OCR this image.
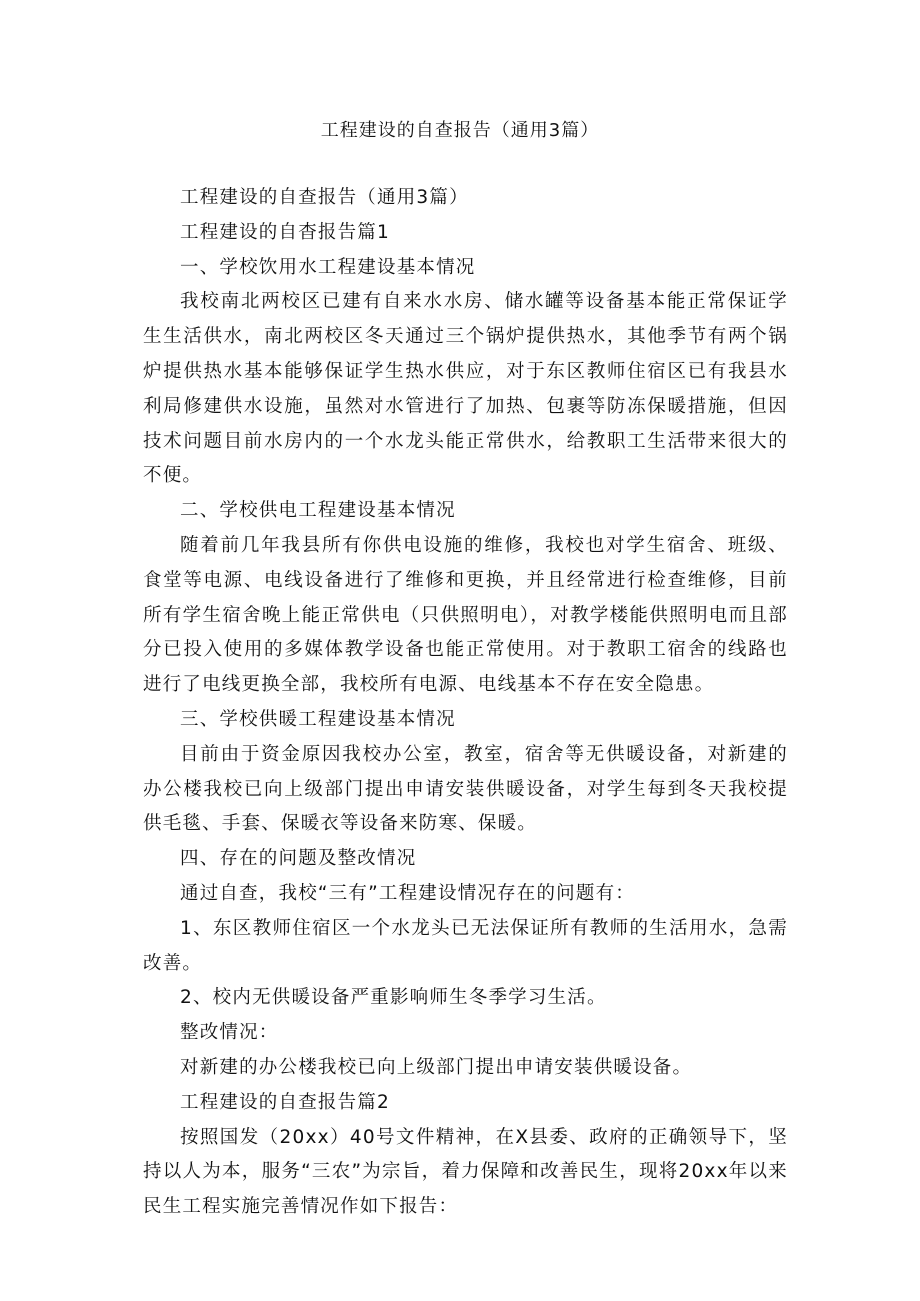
工程建设的自查报告（通用3篇）

工程建设的自查报告（通用3篇）

工程建设的自杳报告篇1

一、学校饮用水工程建设基本情况

我校南北两校区已建有自来水水房、储水罐等设备基本能正常保证学生生活供水，南北两校区冬天通过三个锅炉提供热水，其他季节有两个锅炉提供热水基本能够保证学生热水供应，对于东区教师住宿区已有我县水利局修建供水设施，虽然对水管进行了加热、包裹等防冻保暖措施，但因技术问题目前水房内的一个水龙头能正常供水，给教职工生活带来很大的不便。

二、学校供电工程建设基本情况

随着前几年我县所有你供电设施的维修，我校也对学生宿舍、班级、食堂等电源、电线设备进行了维修和更换，并且经常进行检查维修，目前所有学生宿舍晚上能正常供电（只供照明电），对教学楼能供照明电而且部分已投入使用的多媒体教学设备也能正常使用。对于教职工宿舍的线路也进行了电线更换全部，我校所有电源、电线基本不存在安全隐患。

三、学校供暖工程建设基本情况

目前由于资金原因我校办公室，教室，宿舍等无供暖设备，对新建的办公楼我校已向上级部门提出申请安装供暖设备，对学生每到冬天我校提供毛毯、手套、保暖衣等设备来防寒、保暖。

四、存在的问题及整改情况

通过自查，我校“三有”工程建设情况存在的问题有：

1、东区教师住宿区一个水龙头已无法保证所有教师的生活用水，急需改善。

2、校内无供暖设备严重影响师生冬季学习生活。

整改情况：

对新建的办公楼我校已向上级部门提出申请安装供暖设备。

工程建设的自查报告篇2

按照国发（20xx）40号文件精神，在X县委、政府的正确领导下，坚持以人为本，服务“三农”为宗旨，着力保障和改善民生，现将20xx年以来民生工程实施完善情况作如下报告：
